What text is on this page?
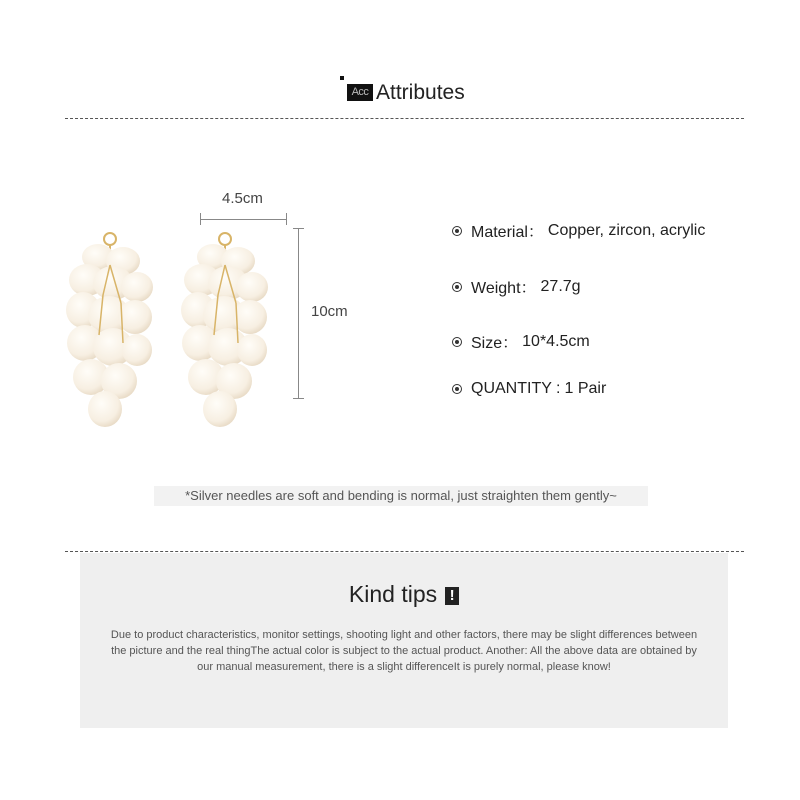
Acc Attributes
4.5cm
10cm
Material： Copper, zircon, acrylic
Weight： 27.7g
Size： 10*4.5cm
QUANTITY : 1 Pair
*Silver needles are soft and bending is normal, just straighten them gently~
Kind tips !
Due to product characteristics, monitor settings, shooting light and other factors, there may be slight differences between the picture and the real thingThe actual color is subject to the actual product. Another: All the above data are obtained by our manual measurement, there is a slight differenceIt is purely normal, please know!
